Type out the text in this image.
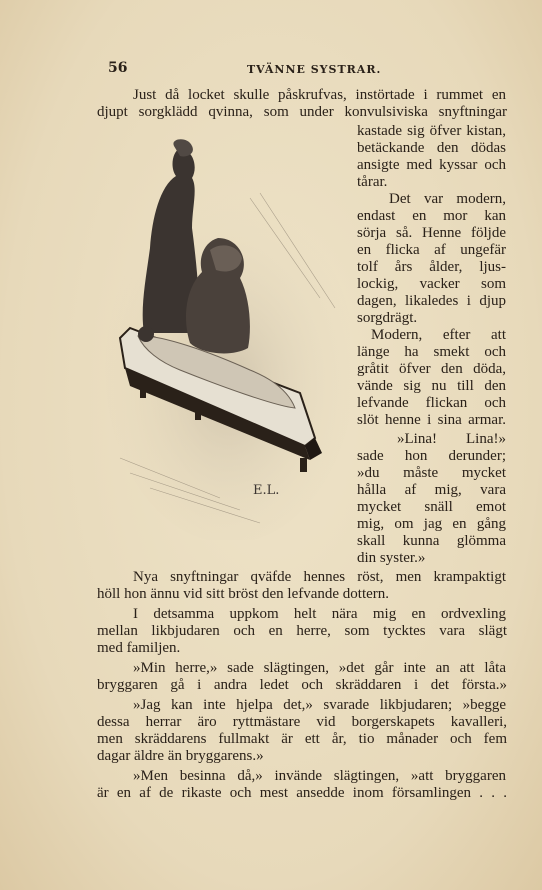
56	TVÄNNE SYSTRAR.
E.L.
Just då locket skulle påskrufvas, instörtade i rummet en
djupt sorgklädd qvinna, som under konvulsiviska snyftningar
kastade sig öfver kistan,
betäckande den dödas
ansigte med kyssar och
tårar.
Det var modern,
endast en mor kan
sörja så. Henne följde
en flicka af ungefär
tolf års ålder, ljus-
lockig, vacker som
dagen, likaledes i djup
sorgdrägt.
Modern, efter att
länge ha smekt och
gråtit öfver den döda,
vände sig nu till den
lefvande flickan och
slöt henne i sina armar.
»Lina! Lina!»
sade hon derunder;
»du måste mycket
hålla af mig, vara
mycket snäll emot
mig, om jag en gång
skall kunna glömma
din syster.»
Nya snyftningar qväfde hennes röst, men krampaktigt
höll hon ännu vid sitt bröst den lefvande dottern.
I detsamma uppkom helt nära mig en ordvexling
mellan likbjudaren och en herre, som tycktes vara slägt
med familjen.
»Min herre,» sade slägtingen, »det går inte an att låta
bryggaren gå i andra ledet och skräddaren i det första.»
»Jag kan inte hjelpa det,» svarade likbjudaren; »begge
dessa herrar äro ryttmästare vid borgerskapets kavalleri,
men skräddarens fullmakt är ett år, tio månader och fem
dagar äldre än bryggarens.»
»Men besinna då,» invände slägtingen, »att bryggaren
är en af de rikaste och mest ansedde inom församlingen . . .
